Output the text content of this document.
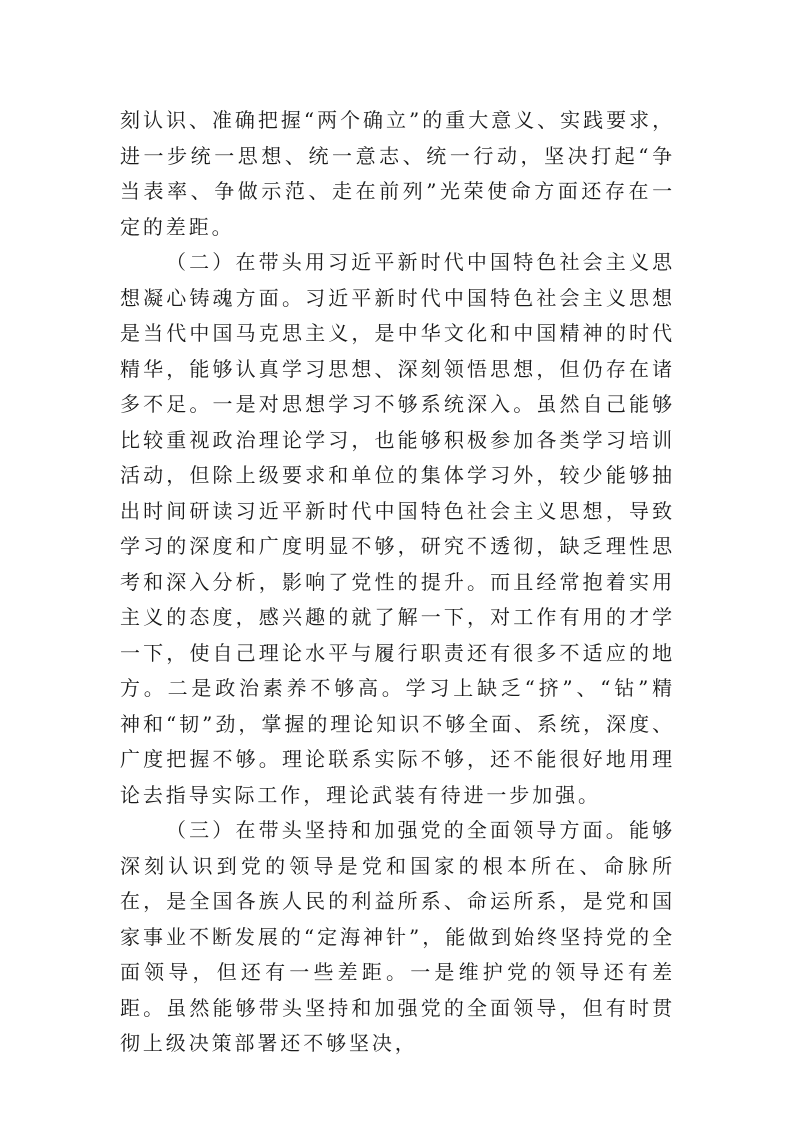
刻认识、准确把握“两个确立”的重大意义、实践要求，进一步统一思想、统一意志、统一行动，坚决打起“争当表率、争做示范、走在前列”光荣使命方面还存在一定的差距。

（二）在带头用习近平新时代中国特色社会主义思想凝心铸魂方面。习近平新时代中国特色社会主义思想是当代中国马克思主义，是中华文化和中国精神的时代精华，能够认真学习思想、深刻领悟思想，但仍存在诸多不足。一是对思想学习不够系统深入。虽然自己能够比较重视政治理论学习，也能够积极参加各类学习培训活动，但除上级要求和单位的集体学习外，较少能够抽出时间研读习近平新时代中国特色社会主义思想，导致学习的深度和广度明显不够，研究不透彻，缺乏理性思考和深入分析，影响了党性的提升。而且经常抱着实用主义的态度，感兴趣的就了解一下，对工作有用的才学一下，使自己理论水平与履行职责还有很多不适应的地方。二是政治素养不够高。学习上缺乏“挤”、“钻”精神和“韧”劲，掌握的理论知识不够全面、系统，深度、广度把握不够。理论联系实际不够，还不能很好地用理论去指导实际工作，理论武装有待进一步加强。

（三）在带头坚持和加强党的全面领导方面。能够深刻认识到党的领导是党和国家的根本所在、命脉所在，是全国各族人民的利益所系、命运所系，是党和国家事业不断发展的“定海神针”，能做到始终坚持党的全面领导，但还有一些差距。一是维护党的领导还有差距。虽然能够带头坚持和加强党的全面领导，但有时贯彻上级决策部署还不够坚决，
